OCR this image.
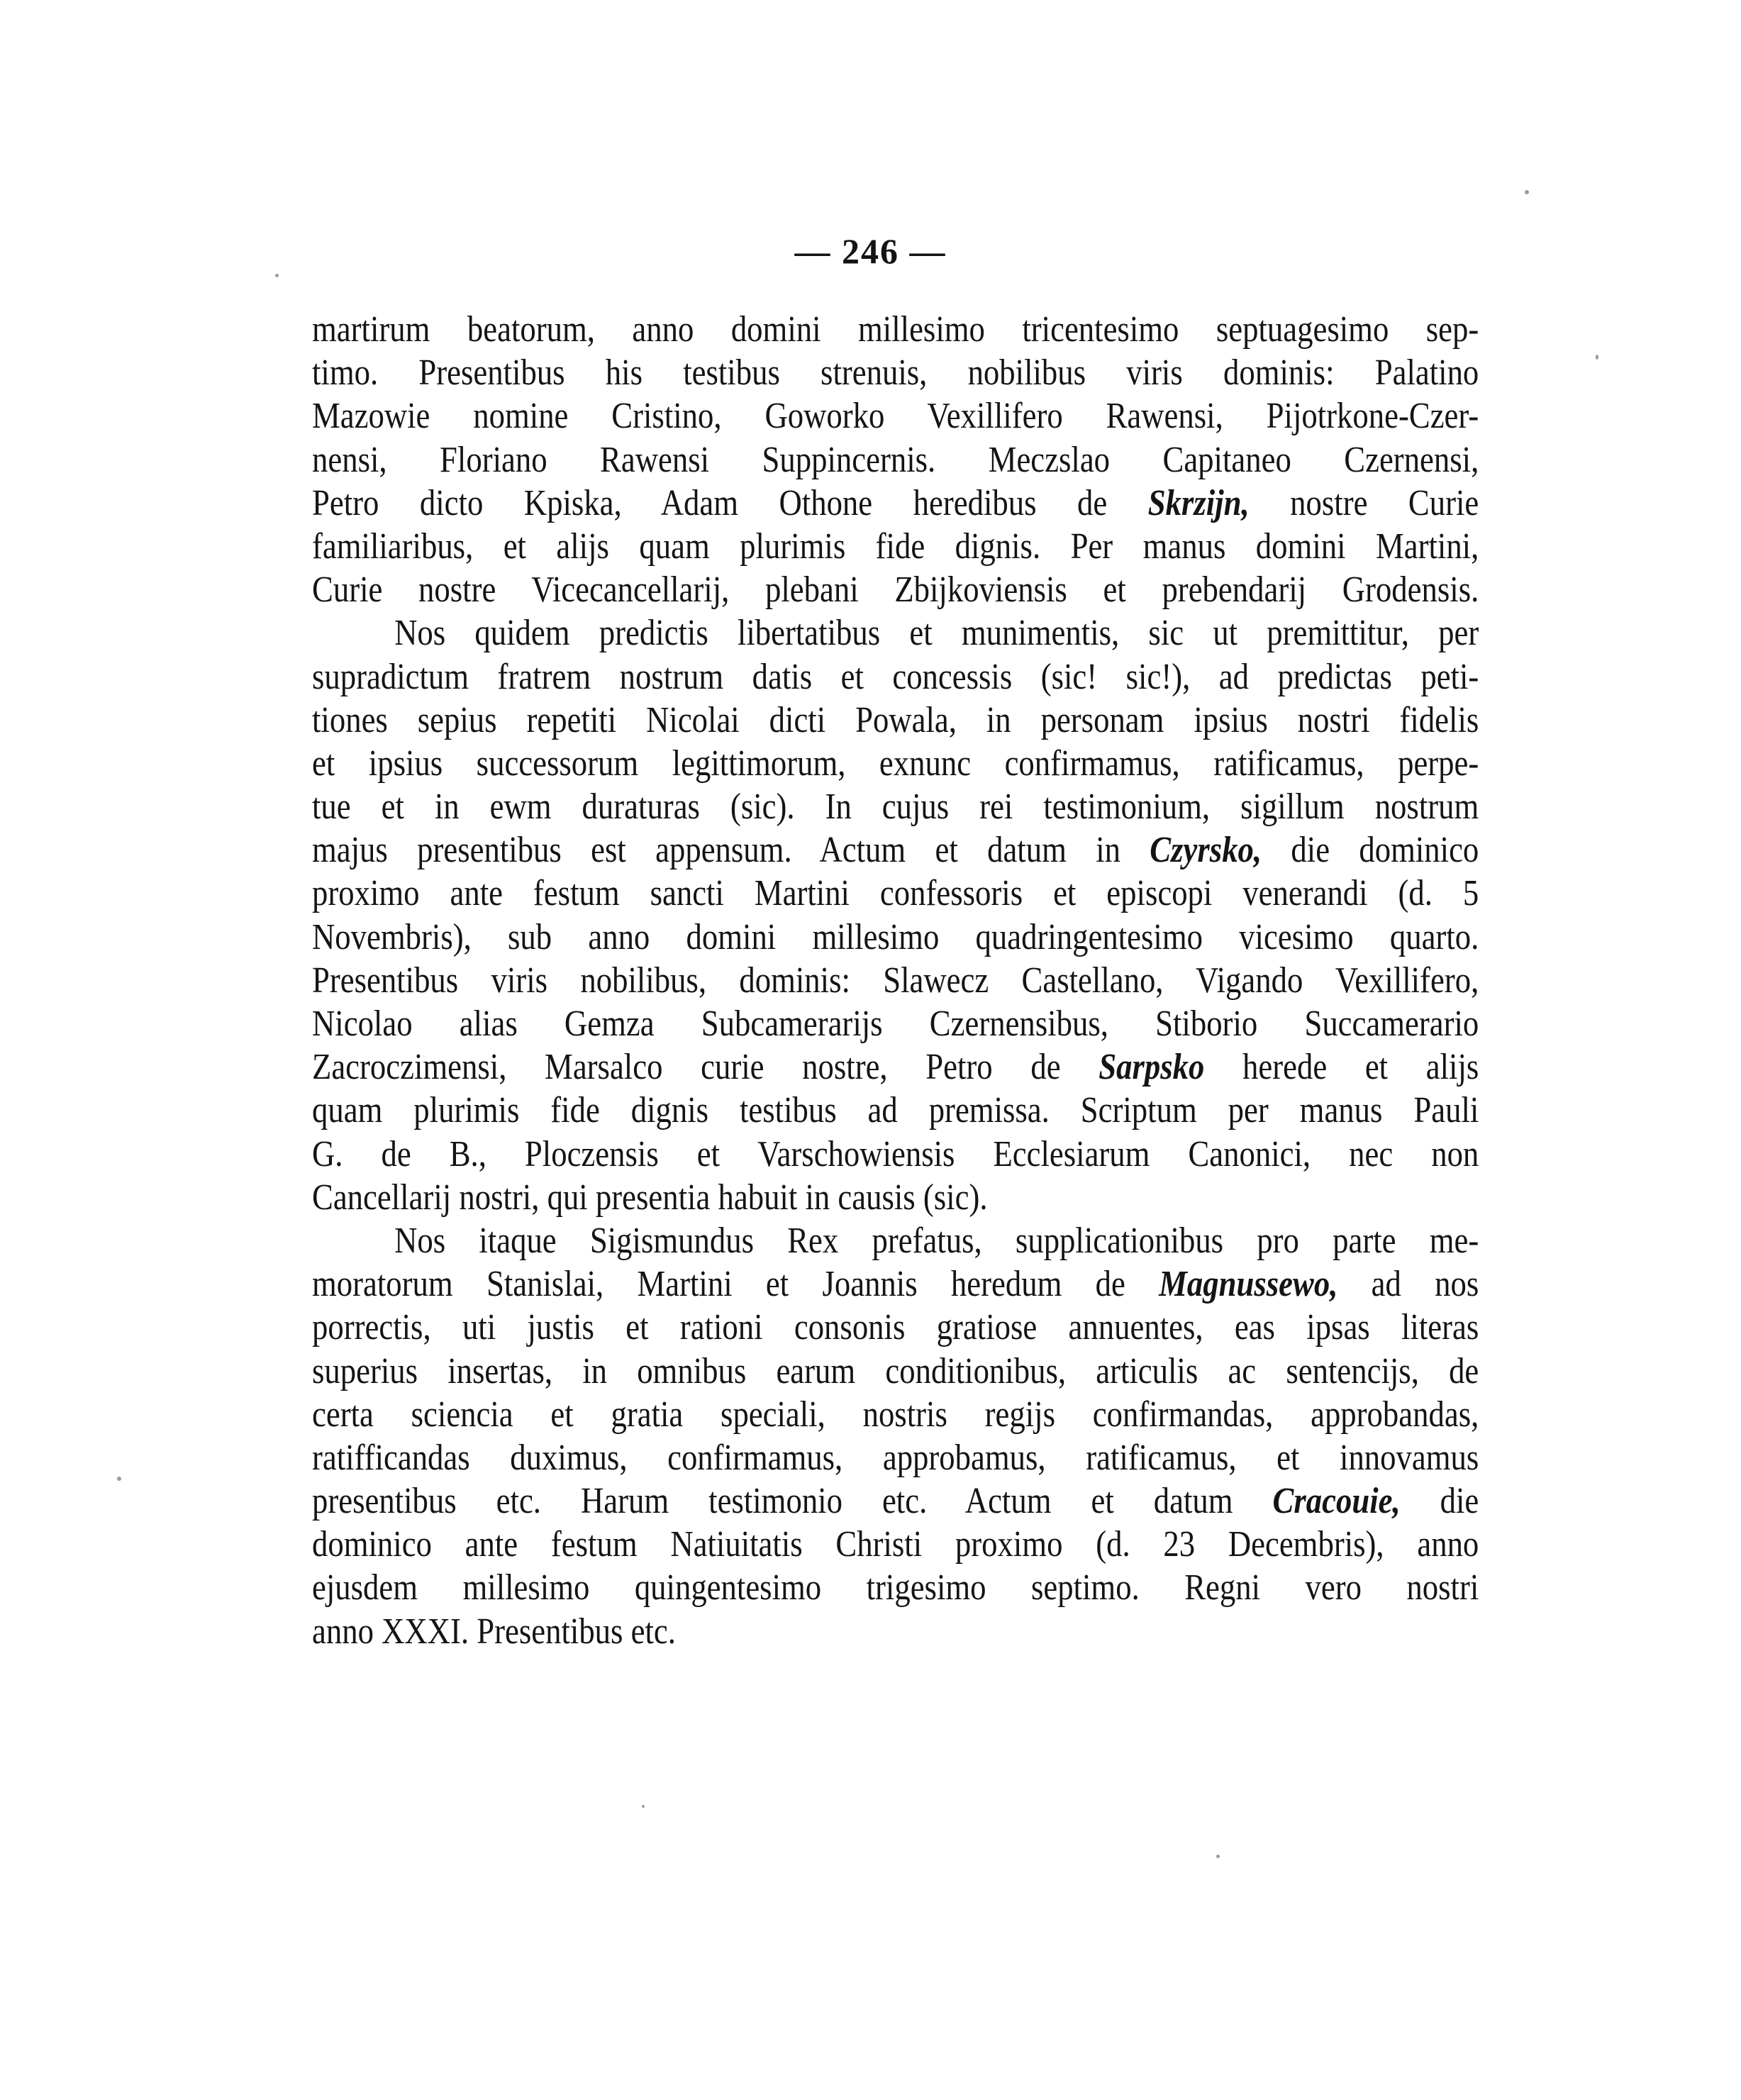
— 246 —
martirum beatorum, anno domini millesimo tricentesimo septuagesimo sep-
timo. Presentibus his testibus strenuis, nobilibus viris dominis: Palatino
Mazowie nomine Cristino, Goworko Vexillifero Rawensi, Pijotrkone-Czer-
nensi, Floriano Rawensi Suppincernis. Meczslao Capitaneo Czernensi,
Petro dicto Kpiska, Adam Othone heredibus de Skrzijn, nostre Curie
familiaribus, et alijs quam plurimis fide dignis. Per manus domini Martini,
Curie nostre Vicecancellarij, plebani Zbijkoviensis et prebendarij Grodensis.
Nos quidem predictis libertatibus et munimentis, sic ut premittitur, per
supradictum fratrem nostrum datis et concessis (sic! sic!), ad predictas peti-
tiones sepius repetiti Nicolai dicti Powala, in personam ipsius nostri fidelis
et ipsius successorum legittimorum, exnunc confirmamus, ratificamus, perpe-
tue et in ewm duraturas (sic). In cujus rei testimonium, sigillum nostrum
majus presentibus est appensum. Actum et datum in Czyrsko, die dominico
proximo ante festum sancti Martini confessoris et episcopi venerandi (d. 5
Novembris), sub anno domini millesimo quadringentesimo vicesimo quarto.
Presentibus viris nobilibus, dominis: Slawecz Castellano, Vigando Vexillifero,
Nicolao alias Gemza Subcamerarijs Czernensibus, Stiborio Succamerario
Zacroczimensi, Marsalco curie nostre, Petro de Sarpsko herede et alijs
quam plurimis fide dignis testibus ad premissa. Scriptum per manus Pauli
G. de B., Ploczensis et Varschowiensis Ecclesiarum Canonici, nec non
Cancellarij nostri, qui presentia habuit in causis (sic).
Nos itaque Sigismundus Rex prefatus, supplicationibus pro parte me-
moratorum Stanislai, Martini et Joannis heredum de Magnussewo, ad nos
porrectis, uti justis et rationi consonis gratiose annuentes, eas ipsas literas
superius insertas, in omnibus earum conditionibus, articulis ac sentencijs, de
certa sciencia et gratia speciali, nostris regijs confirmandas, approbandas,
ratifficandas duximus, confirmamus, approbamus, ratificamus, et innovamus
presentibus etc. Harum testimonio etc. Actum et datum Cracouie, die
dominico ante festum Natiuitatis Christi proximo (d. 23 Decembris), anno
ejusdem millesimo quingentesimo trigesimo septimo. Regni vero nostri
anno XXXI. Presentibus etc.
